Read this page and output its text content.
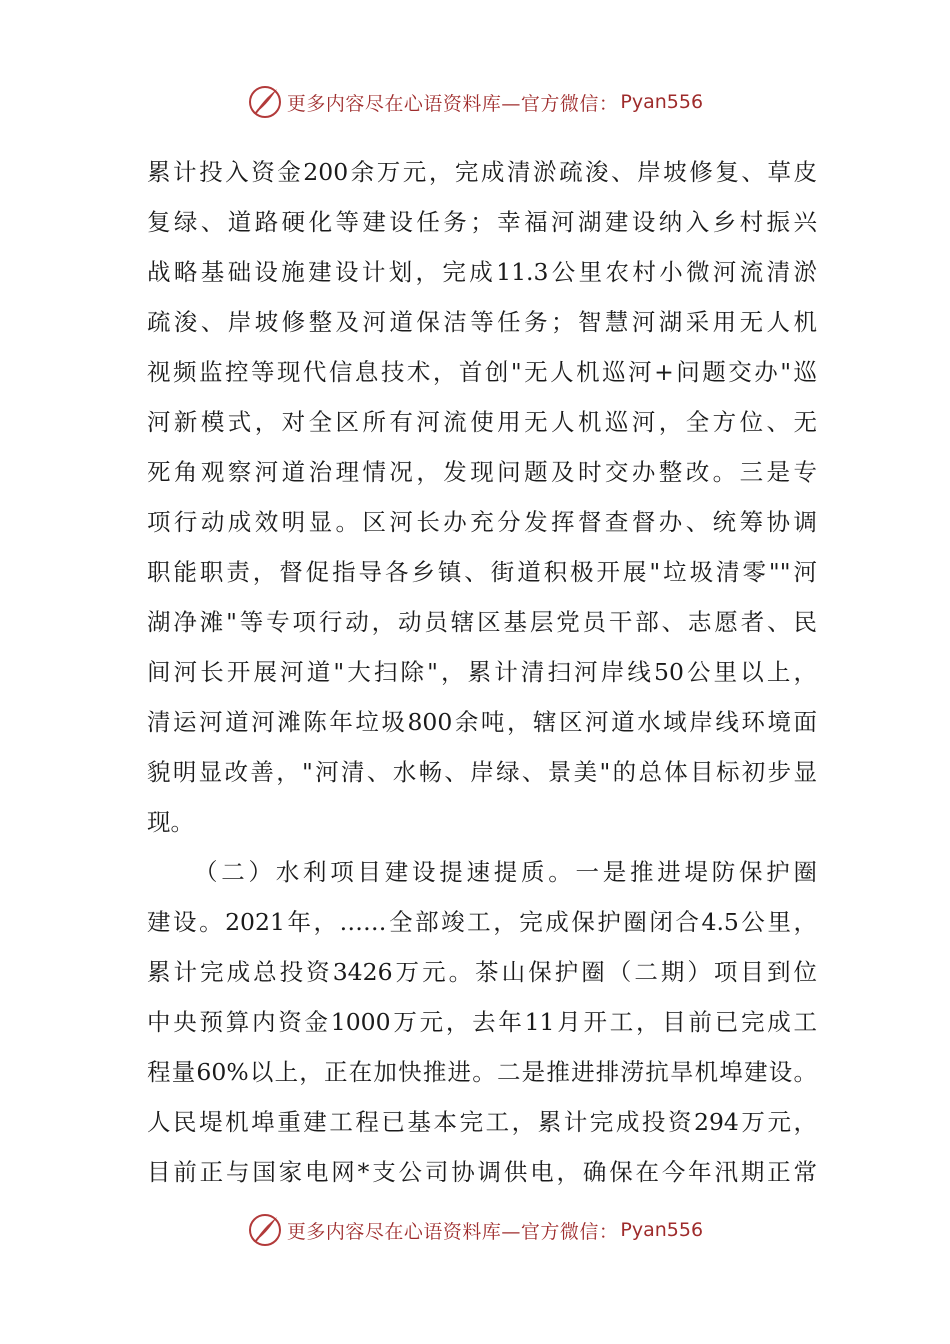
更多内容尽在心语资料库—官方微信： Pyan556
累计投入资金200余万元，完成清淤疏浚、岸坡修复、草皮
复绿、道路硬化等建设任务；幸福河湖建设纳入乡村振兴
战略基础设施建设计划，完成11.3公里农村小微河流清淤
疏浚、岸坡修整及河道保洁等任务；智慧河湖采用无人机
视频监控等现代信息技术，首创"无人机巡河+问题交办"巡
河新模式，对全区所有河流使用无人机巡河，全方位、无
死角观察河道治理情况，发现问题及时交办整改。三是专
项行动成效明显。区河长办充分发挥督查督办、统筹协调
职能职责，督促指导各乡镇、街道积极开展"垃圾清零""河
湖净滩"等专项行动，动员辖区基层党员干部、志愿者、民
间河长开展河道"大扫除"，累计清扫河岸线50公里以上，
清运河道河滩陈年垃圾800余吨，辖区河道水域岸线环境面
貌明显改善，"河清、水畅、岸绿、景美"的总体目标初步显
现。
（二）水利项目建设提速提质。一是推进堤防保护圈
建设。2021年，……全部竣工，完成保护圈闭合4.5公里，
累计完成总投资3426万元。茶山保护圈（二期）项目到位
中央预算内资金1000万元，去年11月开工，目前已完成工
程量60%以上，正在加快推进。二是推进排涝抗旱机埠建设。
人民堤机埠重建工程已基本完工，累计完成投资294万元，
目前正与国家电网*支公司协调供电，确保在今年汛期正常
更多内容尽在心语资料库—官方微信： Pyan556
